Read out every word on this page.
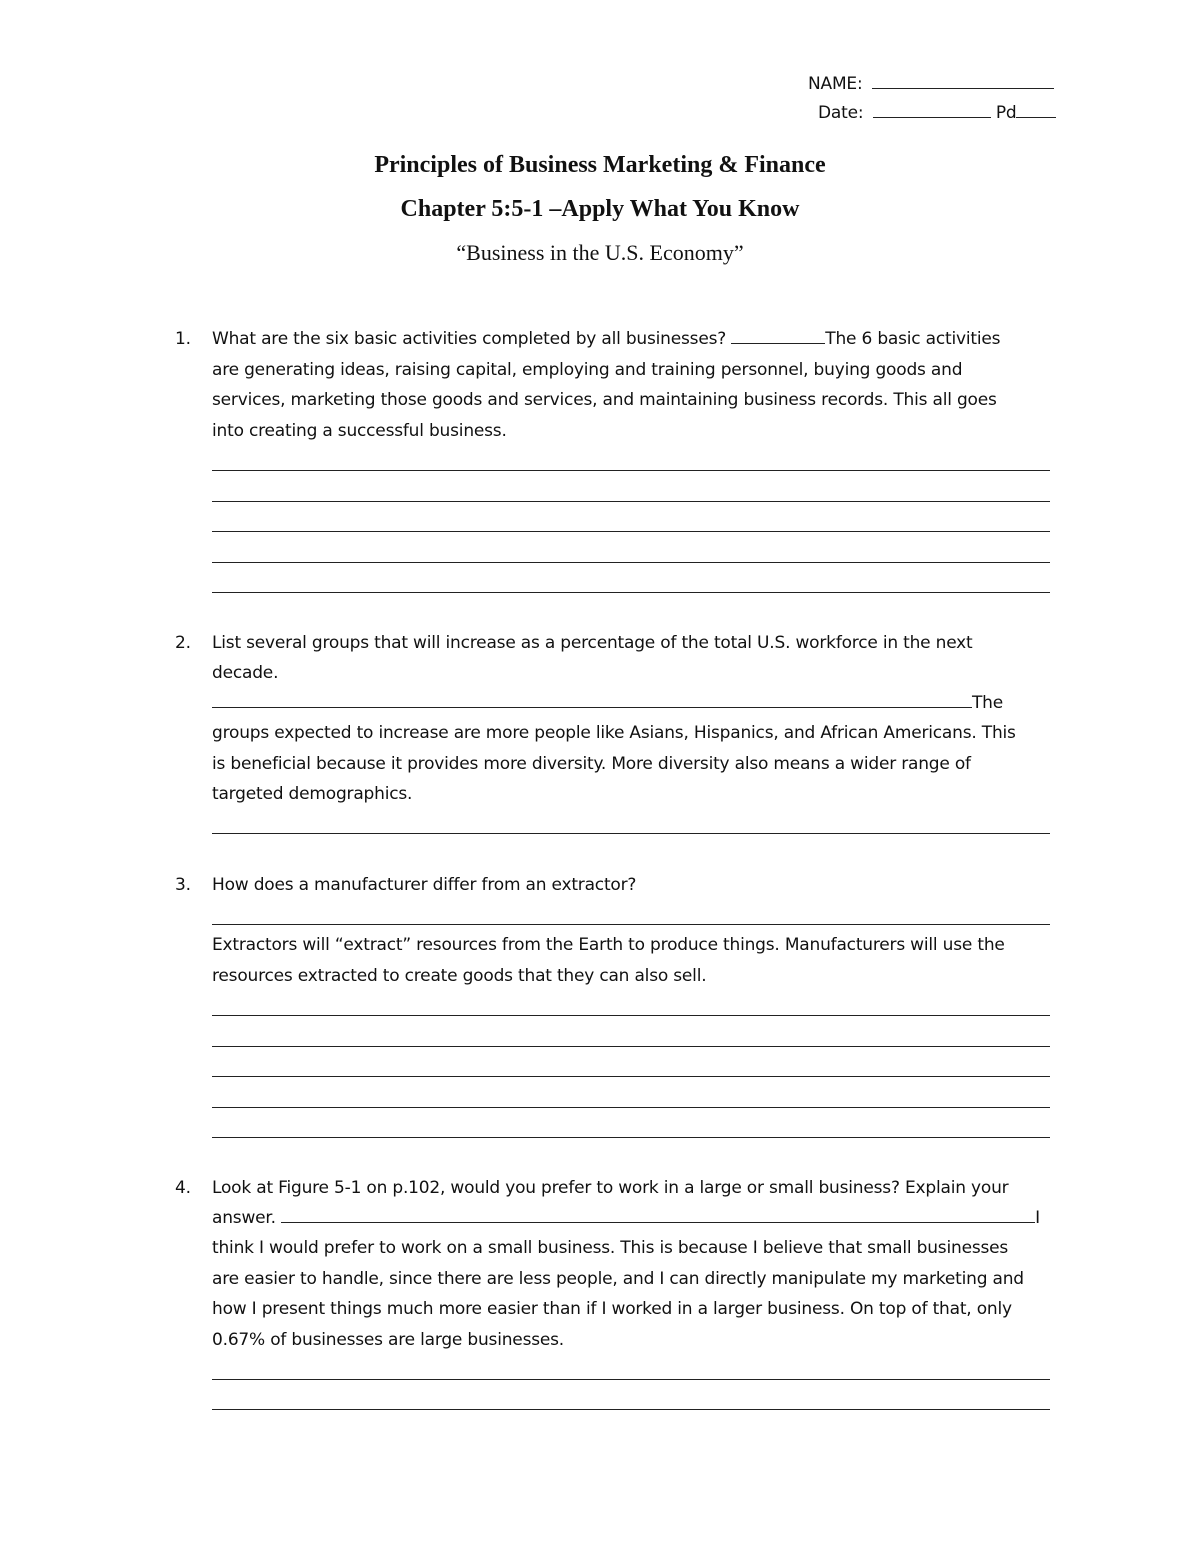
NAME:
Date:	Pd
Principles of Business Marketing & Finance
Chapter 5:5-1 –Apply What You Know
“Business in the U.S. Economy”
1. What are the six basic activities completed by all businesses?	The 6 basic activities
are generating ideas, raising capital, employing and training personnel, buying goods and
services, marketing those goods and services, and maintaining business records. This all goes
into creating a successful business.
2. List several groups that will increase as a percentage of the total U.S. workforce in the next
decade.
The
groups expected to increase are more people like Asians, Hispanics, and African Americans. This
is beneficial because it provides more diversity. More diversity also means a wider range of
targeted demographics.
3. How does a manufacturer differ from an extractor?
Extractors will “extract” resources from the Earth to produce things. Manufacturers will use the
resources extracted to create goods that they can also sell.
4. Look at Figure 5-1 on p.102, would you prefer to work in a large or small business? Explain your
answer.	I
think I would prefer to work on a small business. This is because I believe that small businesses
are easier to handle, since there are less people, and I can directly manipulate my marketing and
how I present things much more easier than if I worked in a larger business. On top of that, only
0.67% of businesses are large businesses.
